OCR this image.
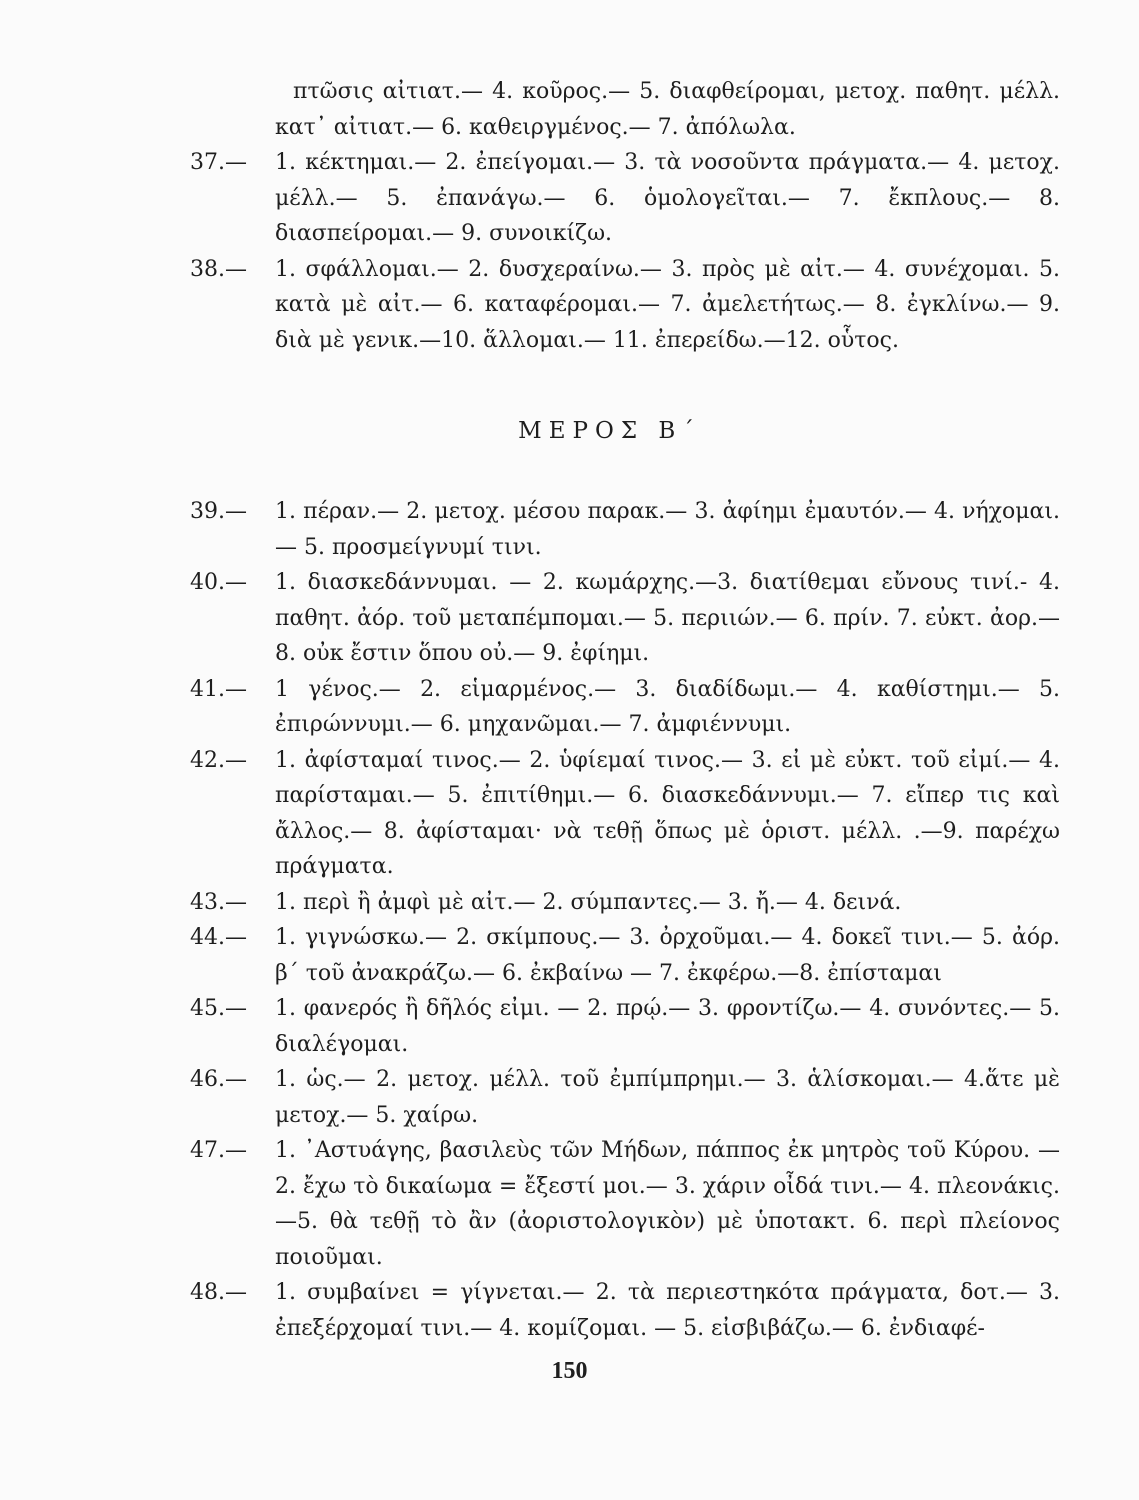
πτῶσις αἰτιατ.— 4. κοῦρος.— 5. διαφθείρομαι, μετοχ. παθητ. μέλλ. κατ᾽ αἰτιατ.— 6. καθειργμένος.— 7. ἀπόλωλα.
37.—	1. κέκτημαι.— 2. ἐπείγομαι.— 3. τὰ νοσοῦντα πράγματα.— 4. μετοχ. μέλλ.— 5. ἐπανάγω.— 6. ὁμολογεῖται.— 7. ἔκπλους.— 8. διασπείρομαι.— 9. συνοικίζω.
38.—	1. σφάλλομαι.— 2. δυσχεραίνω.— 3. πρὸς μὲ αἰτ.— 4. συνέχομαι. 5. κατὰ μὲ αἰτ.— 6. καταφέρομαι.— 7. ἀμελετήτως.— 8. ἐγκλίνω.— 9. διὰ μὲ γενικ.—10. ἅλλομαι.— 11. ἐπερείδω.—12. οὗτος.
ΜΕΡΟΣ Β΄
39.—	1. πέραν.— 2. μετοχ. μέσου παρακ.— 3. ἀφίημι ἐμαυτόν.— 4. νήχομαι.— 5. προσμείγνυμί τινι.
40.—	1. διασκεδάννυμαι. — 2. κωμάρχης.—3. διατίθεμαι εὔνους τινί.- 4. παθητ. ἀόρ. τοῦ μεταπέμπομαι.— 5. περιιών.— 6. πρίν. 7. εὐκτ. ἀορ.— 8. οὐκ ἔστιν ὅπου οὐ.— 9. ἐφίημι.
41.—	1 γένος.— 2. εἱμαρμένος.— 3. διαδίδωμι.— 4. καθίστημι.— 5. ἐπιρώννυμι.— 6. μηχανῶμαι.— 7. ἀμφιέννυμι.
42.—	1. ἀφίσταμαί τινος.— 2. ὑφίεμαί τινος.— 3. εἰ μὲ εὐκτ. τοῦ εἰμί.— 4. παρίσταμαι.— 5. ἐπιτίθημι.— 6. διασκεδάννυμι.— 7. εἴπερ τις καὶ ἄλλος.— 8. ἀφίσταμαι· νὰ τεθῇ ὅπως μὲ ὁριστ. μέλλ. .—9. παρέχω πράγματα.
43.—	1. περὶ ἢ ἀμφὶ μὲ αἰτ.— 2. σύμπαντες.— 3. ἤ.— 4. δεινά.
44.—	1. γιγνώσκω.— 2. σκίμπους.— 3. ὀρχοῦμαι.— 4. δοκεῖ τινι.— 5. ἀόρ. β΄ τοῦ ἀνακράζω.— 6. ἐκβαίνω — 7. ἐκφέρω.—8. ἐπίσταμαι
45.—	1. φανερός ἢ δῆλός εἰμι. — 2. πρῴ.— 3. φροντίζω.— 4. συνόντες.— 5. διαλέγομαι.
46.—	1. ὡς.— 2. μετοχ. μέλλ. τοῦ ἐμπίμπρημι.— 3. ἁλίσκομαι.— 4.ἅτε μὲ μετοχ.— 5. χαίρω.
47.—	1. ᾿Αστυάγης, βασιλεὺς τῶν Μήδων, πάππος ἐκ μητρὸς τοῦ Κύρου. —2. ἔχω τὸ δικαίωμα = ἔξεστί μοι.— 3. χάριν οἶδά τινι.— 4. πλεονάκις. —5. θὰ τεθῇ τὸ ἂν (ἀοριστολογικὸν) μὲ ὑποτακτ. 6. περὶ πλείονος ποιοῦμαι.
48.—	1. συμβαίνει = γίγνεται.— 2. τὰ περιεστηκότα πράγματα, δοτ.— 3. ἐπεξέρχομαί τινι.— 4. κομίζομαι. — 5. εἰσβιβάζω.— 6. ἐνδιαφέ-
150
